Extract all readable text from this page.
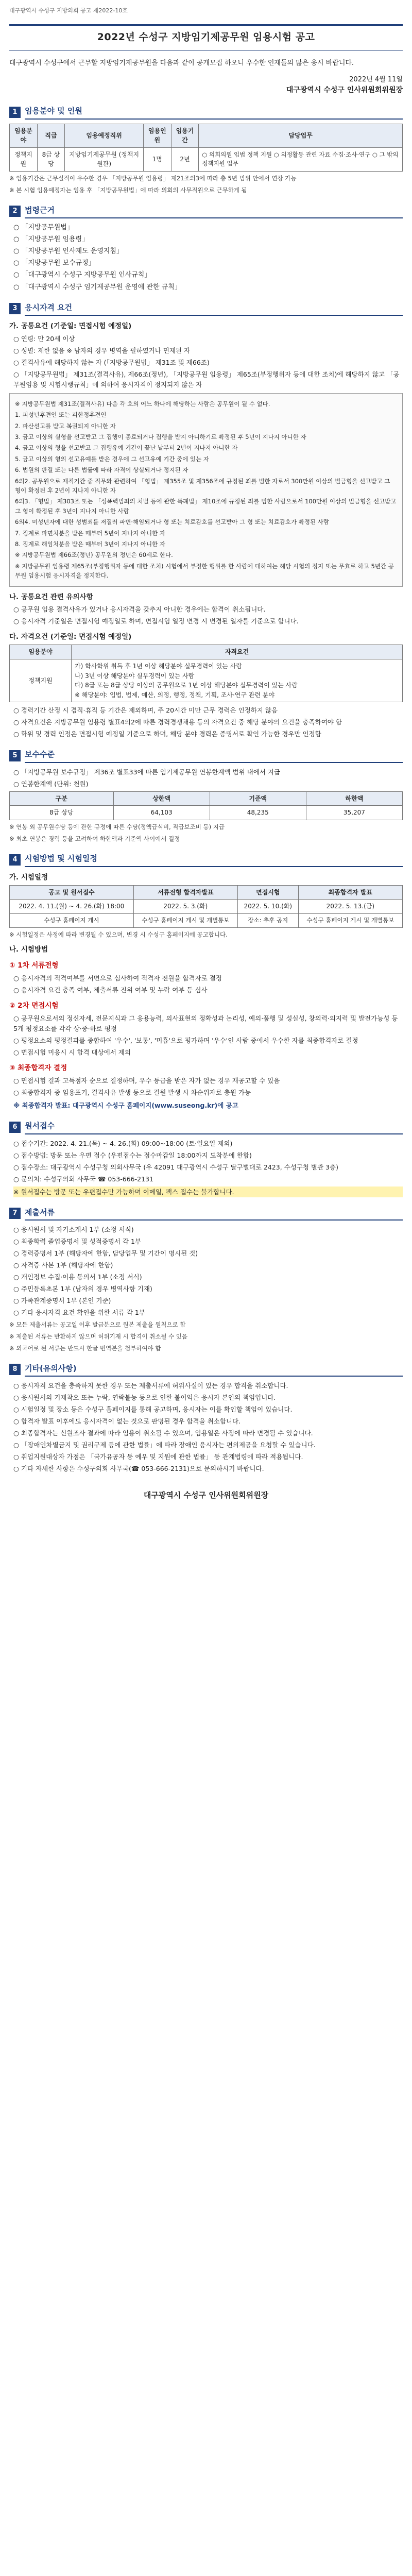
대구광역시 수성구 지방의회 공고 제2022-10호
2022년 수성구 지방임기제공무원 임용시험 공고

대구광역시 수성구에서 근무할 지방임기제공무원을 다음과 같이 공개모집 하오니 우수한 인재들의 많은 응시 바랍니다.

2022년 4월 11일
대구광역시 수성구 인사위원회위원장
1 임용분야 및 인원
임용분야	직급	임용예정직위	임용인원	임용기간	담당업무
정책지원	8급 상당	지방임기제공무원 (정책지원관)	1명	2년	○ 의회의원 입법 정책 지원 ○ 의정활동 관련 자료 수집·조사·연구 ○ 그 밖의 정책지원 업무

※ 임용기간은 근무실적이 우수한 경우 「지방공무원 임용령」 제21조의3에 따라 총 5년 범위 안에서 연장 가능

※ 본 시험 임용예정자는 임용 후 「지방공무원법」에 따라 의회의 사무직원으로 근무하게 됨

2 법령근거
○ 「지방공무원법」
○ 「지방공무원 임용령」
○ 「지방공무원 인사제도 운영지침」
○ 「지방공무원 보수규정」
○ 「대구광역시 수성구 지방공무원 인사규칙」
○ 「대구광역시 수성구 임기제공무원 운영에 관한 규칙」
3 응시자격 요건
가. 공통요건 (기준일: 면접시험 예정일)
○ 연령: 만 20세 이상
○ 성별: 제한 없음 ※ 남자의 경우 병역을 필하였거나 면제된 자
○ 결격사유에 해당하지 않는 자 (「지방공무원법」 제31조 및 제66조)
○ 「지방공무원법」 제31조(결격사유), 제66조(정년), 「지방공무원 임용령」 제65조(부정행위자 등에 대한 조치)에 해당하지 않고 「공무원임용 및 시험시행규칙」에 의하여 응시자격이 정지되지 않은 자

※ 지방공무원법 제31조(결격사유) 다음 각 호의 어느 하나에 해당하는 사람은 공무원이 될 수 없다.

1. 피성년후견인 또는 피한정후견인

2. 파산선고를 받고 복권되지 아니한 자

3. 금고 이상의 실형을 선고받고 그 집행이 종료되거나 집행을 받지 아니하기로 확정된 후 5년이 지나지 아니한 자

4. 금고 이상의 형을 선고받고 그 집행유예 기간이 끝난 날부터 2년이 지나지 아니한 자

5. 금고 이상의 형의 선고유예를 받은 경우에 그 선고유예 기간 중에 있는 자

6. 법원의 판결 또는 다른 법률에 따라 자격이 상실되거나 정지된 자

6의2. 공무원으로 재직기간 중 직무와 관련하여 「형법」 제355조 및 제356조에 규정된 죄를 범한 자로서 300만원 이상의 벌금형을 선고받고 그 형이 확정된 후 2년이 지나지 아니한 자

6의3. 「형법」 제303조 또는 「성폭력범죄의 처벌 등에 관한 특례법」 제10조에 규정된 죄를 범한 사람으로서 100만원 이상의 벌금형을 선고받고 그 형이 확정된 후 3년이 지나지 아니한 사람

6의4. 미성년자에 대한 성범죄를 저질러 파면·해임되거나 형 또는 치료감호를 선고받아 그 형 또는 치료감호가 확정된 사람

7. 징계로 파면처분을 받은 때부터 5년이 지나지 아니한 자

8. 징계로 해임처분을 받은 때부터 3년이 지나지 아니한 자

※ 지방공무원법 제66조(정년) 공무원의 정년은 60세로 한다.

※ 지방공무원 임용령 제65조(부정행위자 등에 대한 조치) 시험에서 부정한 행위를 한 사람에 대하여는 해당 시험의 정지 또는 무효로 하고 5년간 공무원 임용시험 응시자격을 정지한다.

나. 공통요건 관련 유의사항
○ 공무원 임용 결격사유가 있거나 응시자격을 갖추지 아니한 경우에는 합격이 취소됩니다.
○ 응시자격 기준일은 면접시험 예정일로 하며, 면접시험 일정 변경 시 변경된 일자를 기준으로 합니다.
다. 자격요건 (기준일: 면접시험 예정일)
임용분야	자격요건
정책지원	가) 학사학위 취득 후 1년 이상 해당분야 실무경력이 있는 사람
나) 3년 이상 해당분야 실무경력이 있는 사람
다) 8급 또는 8급 상당 이상의 공무원으로 1년 이상 해당분야 실무경력이 있는 사람
※ 해당분야: 입법, 법제, 예산, 의정, 행정, 정책, 기획, 조사·연구 관련 분야
○ 경력기간 산정 시 겸직·휴직 등 기간은 제외하며, 주 20시간 미만 근무 경력은 인정하지 않음
○ 자격요건은 지방공무원 임용령 별표4의2에 따른 경력경쟁채용 등의 자격요건 중 해당 분야의 요건을 충족하여야 함
○ 학위 및 경력 인정은 면접시험 예정일 기준으로 하며, 해당 분야 경력은 증명서로 확인 가능한 경우만 인정함
5 보수수준
○ 「지방공무원 보수규정」 제36조 별표33에 따른 임기제공무원 연봉한계액 범위 내에서 지급
○ 연봉한계액 (단위: 천원)
구분	상한액	기준액	하한액
8급 상당	64,103	48,235	35,207

※ 연봉 외 공무원수당 등에 관한 규정에 따른 수당(정액급식비, 직급보조비 등) 지급

※ 최초 연봉은 경력 등을 고려하여 하한액과 기준액 사이에서 결정

4 시험방법 및 시험일정
가. 시험일정
공고 및 원서접수	서류전형 합격자발표	면접시험	최종합격자 발표
2022. 4. 11.(월) ~ 4. 26.(화) 18:00	2022. 5. 3.(화)	2022. 5. 10.(화)	2022. 5. 13.(금)
수성구 홈페이지 게시	수성구 홈페이지 게시 및 개별통보	장소: 추후 공지	수성구 홈페이지 게시 및 개별통보

※ 시험일정은 사정에 따라 변경될 수 있으며, 변경 시 수성구 홈페이지에 공고합니다.

나. 시험방법
① 1차 서류전형
○ 응시자격의 적격여부를 서면으로 심사하여 적격자 전원을 합격자로 결정
○ 응시자격 요건 충족 여부, 제출서류 진위 여부 및 누락 여부 등 심사
② 2차 면접시험
○ 공무원으로서의 정신자세, 전문지식과 그 응용능력, 의사표현의 정확성과 논리성, 예의·품행 및 성실성, 창의력·의지력 및 발전가능성 등 5개 평정요소를 각각 상·중·하로 평정
○ 평정요소의 평정결과를 종합하여 '우수', '보통', '미흡'으로 평가하며 '우수'인 사람 중에서 우수한 자를 최종합격자로 결정
○ 면접시험 미응시 시 합격 대상에서 제외
③ 최종합격자 결정
○ 면접시험 결과 고득점자 순으로 결정하며, 우수 등급을 받은 자가 없는 경우 재공고할 수 있음
○ 최종합격자 중 임용포기, 결격사유 발생 등으로 결원 발생 시 차순위자로 충원 가능

※ 최종합격자 발표: 대구광역시 수성구 홈페이지(www.suseong.kr)에 공고

6 원서접수
○ 접수기간: 2022. 4. 21.(목) ~ 4. 26.(화) 09:00~18:00 (토·일요일 제외)
○ 접수방법: 방문 또는 우편 접수 (우편접수는 접수마감일 18:00까지 도착분에 한함)
○ 접수장소: 대구광역시 수성구청 의회사무국 (우 42091 대구광역시 수성구 달구벌대로 2423, 수성구청 별관 3층)
○ 문의처: 수성구의회 사무국 ☎ 053-666-2131

※ 원서접수는 방문 또는 우편접수만 가능하며 이메일, 팩스 접수는 불가합니다.

7 제출서류
○ 응시원서 및 자기소개서 1부 (소정 서식)
○ 최종학력 졸업증명서 및 성적증명서 각 1부
○ 경력증명서 1부 (해당자에 한함, 담당업무 및 기간이 명시된 것)
○ 자격증 사본 1부 (해당자에 한함)
○ 개인정보 수집·이용 동의서 1부 (소정 서식)
○ 주민등록초본 1부 (남자의 경우 병역사항 기재)
○ 가족관계증명서 1부 (본인 기준)
○ 기타 응시자격 요건 확인을 위한 서류 각 1부

※ 모든 제출서류는 공고일 이후 발급분으로 원본 제출을 원칙으로 함

※ 제출된 서류는 반환하지 않으며 허위기재 시 합격이 취소될 수 있음

※ 외국어로 된 서류는 반드시 한글 번역본을 첨부하여야 함

8 기타(유의사항)
○ 응시자격 요건을 충족하지 못한 경우 또는 제출서류에 허위사실이 있는 경우 합격을 취소합니다.
○ 응시원서의 기재착오 또는 누락, 연락불능 등으로 인한 불이익은 응시자 본인의 책임입니다.
○ 시험일정 및 장소 등은 수성구 홈페이지를 통해 공고하며, 응시자는 이를 확인할 책임이 있습니다.
○ 합격자 발표 이후에도 응시자격이 없는 것으로 판명된 경우 합격을 취소합니다.
○ 최종합격자는 신원조사 결과에 따라 임용이 취소될 수 있으며, 임용일은 사정에 따라 변경될 수 있습니다.
○ 「장애인차별금지 및 권리구제 등에 관한 법률」에 따라 장애인 응시자는 편의제공을 요청할 수 있습니다.
○ 취업지원대상자 가점은 「국가유공자 등 예우 및 지원에 관한 법률」 등 관계법령에 따라 적용됩니다.
○ 기타 자세한 사항은 수성구의회 사무국(☎ 053-666-2131)으로 문의하시기 바랍니다.
대구광역시 수성구 인사위원회위원장
